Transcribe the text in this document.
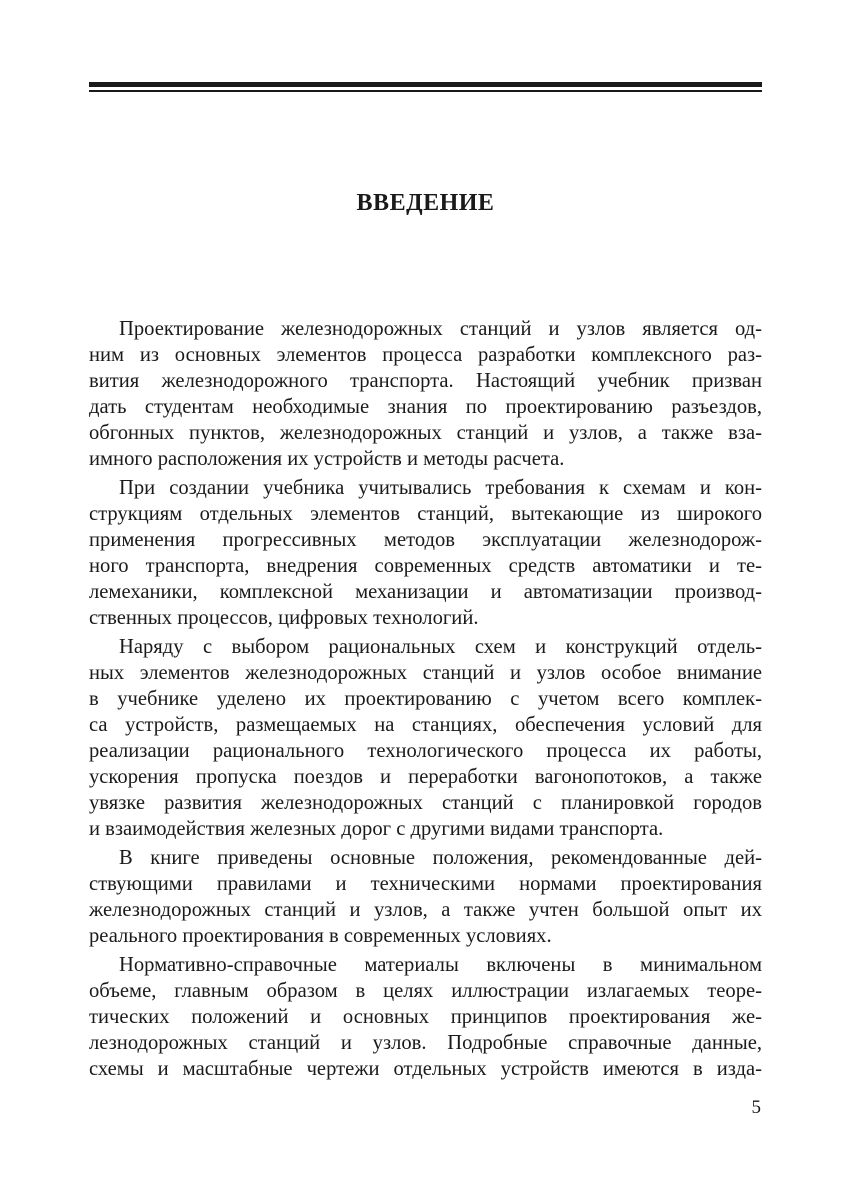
ВВЕДЕНИЕ
Проектирование железнодорожных станций и узлов является од-
ним из основных элементов процесса разработки комплексного раз-
вития железнодорожного транспорта. Настоящий учебник призван
дать студентам необходимые знания по проектированию разъездов,
обгонных пунктов, железнодорожных станций и узлов, а также вза-
имного расположения их устройств и методы расчета.
При создании учебника учитывались требования к схемам и кон-
струкциям отдельных элементов станций, вытекающие из широкого
применения прогрессивных методов эксплуатации железнодорож-
ного транспорта, внедрения современных средств автоматики и те-
лемеханики, комплексной механизации и автоматизации производ-
ственных процессов, цифровых технологий.
Наряду с выбором рациональных схем и конструкций отдель-
ных элементов железнодорожных станций и узлов особое внимание
в учебнике уделено их проектированию с учетом всего комплек-
са устройств, размещаемых на станциях, обеспечения условий для
реализации рационального технологического процесса их работы,
ускорения пропуска поездов и переработки вагонопотоков, а также
увязке развития железнодорожных станций с планировкой городов
и взаимодействия железных дорог с другими видами транспорта.
В книге приведены основные положения, рекомендованные дей-
ствующими правилами и техническими нормами проектирования
железнодорожных станций и узлов, а также учтен большой опыт их
реального проектирования в современных условиях.
Нормативно-справочные материалы включены в минимальном
объеме, главным образом в целях иллюстрации излагаемых теоре-
тических положений и основных принципов проектирования же-
лезнодорожных станций и узлов. Подробные справочные данные,
схемы и масштабные чертежи отдельных устройств имеются в изда-
5
